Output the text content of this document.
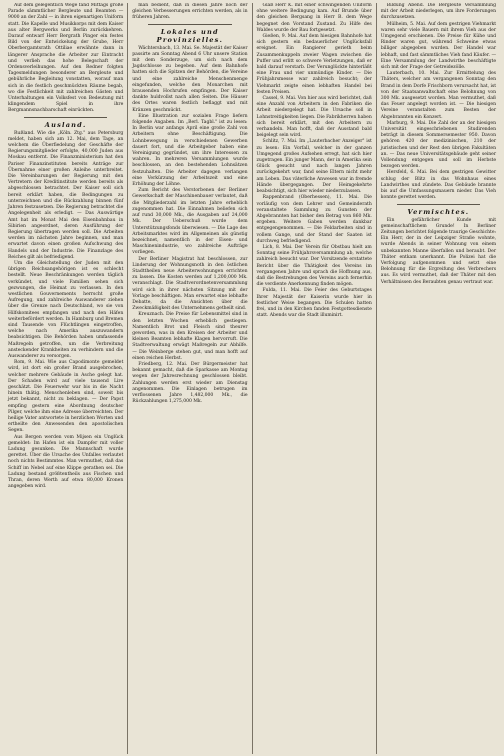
Auf dem gelegentlich Wege fand Mittags große Parade sämmtlicher Bergleute und Beamten — 9000 an der Zahl — in ihren eigenartigen Uniform statt. Die Kapelle und Musikkorps mit dem Kaiser aus alter Bergwerks und Berlin zurückkehren. Darauf entwarf Herr Bergrath Pinger ein festes Bild von der Entwickelung der Grube, Herr Oberbergamtsrath Ottiliae erwähnte dann in längerer Ansprache die Arbeiter zur Eintracht und verlieh das hohe Belegschaft der Ordensverleihungen. Auf den Redner folgten Tagesmeldungen besonderer an Bergleute und gebührliche Begleitung vonstatten, worauf man sich in die festlich geschmückten Räume begab, wo die Festlichkeit mit zahlreichen Gästen und Unterhaltungen ein Volksfest von Bedeutung mit klingendem Spiel in ihre Bergmannsnachbarschaft einrückten.

Ausland.

Rußland. Wie die „Köln. Ztg." aus Petersburg meldet, haben sich am 12. Mai, dem Tage, an welchem die Überfiedelung der Geschäfte der Regierungsmitglieder erfolgte, 40,000 Juden aus Moskau entfernt. Die Finanzministerium hat den Pariser Finanzinstituten bereits Anträge zur Übernahme einer großen Anleihe unterbreitet. Die Vereinbarungen der Regierung mit den Vertretern der Kreditinstitute werden bereits als abgeschlossen betrachtet. Der Kaiser soll sich bereit erklärt haben, die Bedingungen zu unterzeichnen und die Rückzahlung binnen fünf Jahren festzusetzen. Die Regierung betrachtet die Angelegenheit als erledigt. — Das Auswärtige Amt hat im Monat Mai den Eisenbahnbau in Sibirien angeordnet, deren Ausführung der Regierung übertragen werden soll. Die Arbeiten werden im nächsten Jahre beginnen, und man erwartet davon einen großen Aufschwung des Handels und der Industrie. Die Finanzlage des Reiches gilt als befriedigend.

Um die Gleichstellung der Juden mit den übrigen Reichsangehörigen ist es schlecht bestellt. Neue Beschränkungen werden täglich verkündet, und viele Familien sehen sich gezwungen, die Heimat zu verlassen. In den westlichen Gouvernements herrscht große Aufregung, und zahlreiche Auswanderer ziehen über die Grenze nach Deutschland, wo sie von Hilfskomitees empfangen und nach den Häfen weiterbefördert werden. In Hamburg und Bremen sind Tausende von Flüchtlingen eingetroffen, welche nach Amerika auszuwandern beabsichtigen. Die Behörden haben umfassende Maßregeln getroffen, um die Verbreitung ansteckender Krankheiten zu verhindern und die Auswanderer zu versorgen.

Rom, 9. Mai. Wie aus Capodimonte gemeldet wird, ist dort ein großer Brand ausgebrochen, welcher mehrere Gebäude in Asche gelegt hat. Der Schaden wird auf viele tausend Lire geschätzt. Die Feuerwehr war bis in die Nacht hinein thätig. Menschenleben sind, soweit bis jetzt bekannt, nicht zu beklagen. — Der Papst empfing gestern eine Abordnung deutscher Pilger, welche ihm eine Adresse überreichten. Der heilige Vater antwortete in herzlichen Worten und ertheilte den Anwesenden den apostolischen Segen.

Aus Bergen werden vom Mijsen ein Unglück gemeldet: Im Hafen ist ein Dampfer mit voller Ladung gesunken. Die Mannschaft wurde gerettet. Über die Ursache des Unfalles verlautet noch nichts Bestimmtes. Man vermuthet, daß das Schiff im Nebel auf eine Klippe gerathen sei. Die Ladung bestand größtentheils aus Fischen und Thran, deren Werth auf etwa 80,000 Kronen angegeben wird.

man bedient, daß in diesen Jahre noch der gleichen Verbesserungen errichten werden, als in früheren Jahren.

Lokales und Provinzielles.

Wächtersbach, 13. Mai. Se. Majestät der Kaiser passirte am Sonntag Abend 6 Uhr unsere Station mit dem Sonderzuge, um sich nach dem Jagdschlosse zu begeben. Auf dem Bahnhofe hatten sich die Spitzen der Behörden, die Vereine und eine zahlreiche Menschenmenge eingefunden, welche den Monarchen mit brausenden Hochrufen empfingen. Der Kaiser dankte huldvollst nach allen Seiten. Die Häuser des Ortes waren festlich beflaggt und mit Kränzen geschmückt.

Eine Illustration zur sozialen Frage liefern folgende Angaben. Im „Berl. Tagbl." ist zu lesen: In Berlin war anfangs April eine große Zahl von Arbeitern ohne Beschäftigung. Die Lohnbewegung in verschiedenen Gewerben dauert fort, und die Arbeitgeber haben eine Vereinigung gegründet, um ihre Interessen zu wahren. In mehreren Versammlungen wurde beschlossen, an den bestehenden Lohnsätzen festzuhalten. Die Arbeiter dagegen verlangen eine Verkürzung der Arbeitszeit und eine Erhöhung der Löhne.

Zum Bericht des Verstorbenen der Berliner Gewerkschaft der Maschinenbauer verlautet, daß die Mitgliederzahl im letzten Jahre erheblich zugenommen hat. Die Einnahmen beliefen sich auf rund 30,000 Mk., die Ausgaben auf 24,000 Mk. Der Ueberschuß wurde dem Unterstützungsfonds überwiesen. — Die Lage des Arbeitsmarktes wird im Allgemeinen als günstig bezeichnet, namentlich in der Eisen- und Maschinenindustrie, wo zahlreiche Aufträge vorliegen.

Der Berliner Magistrat hat beschlossen, zur Linderung der Wohnungsnoth in den östlichen Stadttheilen neue Arbeiterwohnungen errichten zu lassen. Die Kosten werden auf 1,200,000 Mk. veranschlagt. Die Stadtverordnetenversammlung wird sich in ihrer nächsten Sitzung mit der Vorlage beschäftigen. Man erwartet eine lebhafte Debatte, da die Ansichten über die Zweckmäßigkeit des Unternehmens getheilt sind.

Kreuznach. Die Preise für Lebensmittel sind in den letzten Wochen erheblich gestiegen. Namentlich Brot und Fleisch sind theurer geworden, was in den Kreisen der Arbeiter und kleinen Beamten lebhafte Klagen hervorruft. Die Stadtverwaltung erwägt Maßregeln zur Abhilfe. — Die Weinberge stehen gut, und man hofft auf einen reichen Herbst.

Friedberg, 12. Mai. Der Bürgermeister hat bekannt gemacht, daß die Sparkasse am Montag wegen der Jahresrechnung geschlossen bleibt. Zahlungen werden erst wieder am Dienstag angenommen. Die Einlagen betrugen im verflossenen Jahre 1,482,000 Mk., die Rückzahlungen 1,275,000 Mk.

Gläß Herr K. mit einer schwingenden Uniform ohne weitere Bedingung kam. Auf Brunde über den gleichen Bergsang in Herr B. dem Wege begegnet den Vorstand Zustand. Zu Hilfe des Waldes wurde der Bau fortgesetzt.

Gießen, 9. Mai. Auf dem hiesigen Bahnhofe hat sich gestern ein bedauerlicher Unglücksfall ereignet. Ein Rangierer gerieth beim Zusammenkuppeln zweier Wagen zwischen die Puffer und erlitt so schwere Verletzungen, daß er bald darauf verstarb. Der Verunglückte hinterläßt eine Frau und vier unmündige Kinder. — Die Frühjahrsmesse war zahlreich besucht; der Viehmarkt zeigte einen lebhaften Handel bei festen Preisen.

Cassel, 9. Mai. Von hier aus wird berichtet, daß eine Anzahl von Arbeitern in den Fabriken die Arbeit niedergelegt hat. Die Ursache soll in Lohnstreitigkeiten liegen. Die Fabrikherren haben sich bereit erklärt, mit den Arbeitern zu verhandeln. Man hofft, daß der Ausstand bald beigelegt sein wird.

Schlitz, 7. Mai. Im „Lauterbacher Anzeiger" ist zu lesen: Ein Vorfall, welcher in der ganzen Umgegend großes Aufsehen erregt, hat sich hier zugetragen. Ein junger Mann, der in Amerika sein Glück gesucht und nach langen Jahren zurückgekehrt war, fand seine Eltern nicht mehr am Leben. Das väterliche Anwesen war in fremde Hände übergegangen. Der Heimgekehrte beabsichtigt, sich hier wieder niederzulassen.

Rappenbrand (Oberhessen), 11. Mai. Die vorläufig von dem Lehrer und Gemeinderath veranstaltete Sammlung zu Gunsten der Abgebrannten hat bisher den Betrag von 860 Mk. ergeben. Weitere Gaben werden dankbar entgegengenommen. — Die Feldarbeiten sind in vollem Gange, und der Stand der Saaten ist durchweg befriedigend.

Lich, 8. Mai. Der Verein für Obstbau hielt am Sonntag seine Frühjahrsversammlung ab, welche zahlreich besucht war. Der Vorsitzende erstattete Bericht über die Thätigkeit des Vereins im vergangenen Jahre und sprach die Hoffnung aus, daß die Bestrebungen des Vereins auch fernerhin die verdiente Anerkennung finden mögen.

Fulda, 11. Mai. Die Feier des Geburtstages Ihrer Majestät der Kaiserin wurde hier in festlicher Weise begangen. Die Schulen hatten frei, und in den Kirchen fanden Festgottesdienste statt. Abends war die Stadt illuminirt.

Bildung Abend. Die Bergleute Versammlung mit der Arbeit niederlegen, um ihre Forderungen durchzusetzen.

Mülheim, 5. Mai. Auf dem gestrigen Viehmarkt waren sehr viele Bauern mit ihrem Vieh aus der Umgegend erschienen. Die Preise für Kühe und Rinder waren gut, während Schweine etwas billiger abgegeben wurden. Der Handel war lebhaft, und fast sämmtliches Vieh fand Käufer. — Eine Versammlung der Landwirthe beschäftigte sich mit der Frage der Getreidezölle.

Lauterbach, 10. Mai. Zur Ermittelung des Thäters, welcher am vergangenen Sonntag den Brand in dem Dorfe Frischborn verursacht hat, ist von der Staatsanwaltschaft eine Belohnung von 300 Mk. ausgesetzt worden. Man vermuthet, daß das Feuer angelegt worden ist. — Die hiesigen Vereine veranstalten zum Besten der Abgebrannten ein Konzert.

Marburg, 9. Mai. Die Zahl der an der hiesigen Universität eingeschriebenen Studirenden beträgt in diesem Sommersemester 950. Davon gehören 420 der medizinischen, 210 der juristischen und der Rest den übrigen Fakultäten an. — Das neue Universitätsgebäude geht seiner Vollendung entgegen und soll im Herbste bezogen werden.

Hersfeld, 6. Mai. Bei dem gestrigen Gewitter schlug der Blitz in das Wohnhaus eines Landwirthes und zündete. Das Gebäude brannte bis auf die Umfassungsmauern nieder. Das Vieh konnte gerettet werden.

Vermischtes.

Ein gefährlicher Kunde mit gemeinschaftlichem Grunde! In Berliner Zeitungen berichtet folgende traurige Geschichte: Ein Herr, der in der Leipziger Straße wohnte, wurde Abends in seiner Wohnung von einem unbekannten Manne überfallen und beraubt. Der Thäter entkam unerkannt. Die Polizei hat die Verfolgung aufgenommen und setzt eine Belohnung für die Ergreifung des Verbrechers aus. Es wird vermuthet, daß der Thäter mit den Verhältnissen des Beraubten genau vertraut war.
